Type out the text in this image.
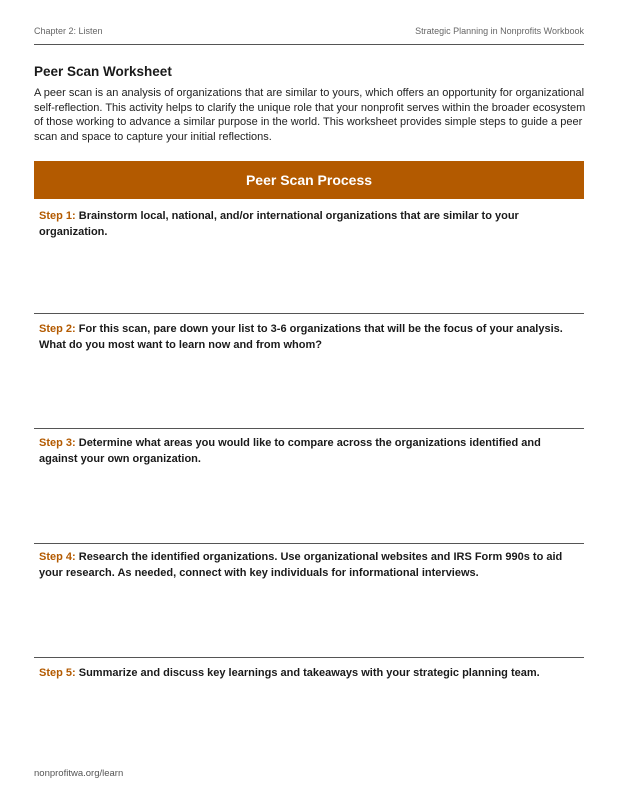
Chapter 2: Listen	Strategic Planning in Nonprofits Workbook
Peer Scan Worksheet
A peer scan is an analysis of organizations that are similar to yours, which offers an opportunity for organizational self-reflection. This activity helps to clarify the unique role that your nonprofit serves within the broader ecosystem of those working to advance a similar purpose in the world. This worksheet provides simple steps to guide a peer scan and space to capture your initial reflections.
Peer Scan Process
Step 1: Brainstorm local, national, and/or international organizations that are similar to your organization.
Step 2: For this scan, pare down your list to 3-6 organizations that will be the focus of your analysis. What do you most want to learn now and from whom?
Step 3: Determine what areas you would like to compare across the organizations identified and against your own organization.
Step 4: Research the identified organizations. Use organizational websites and IRS Form 990s to aid your research. As needed, connect with key individuals for informational interviews.
Step 5: Summarize and discuss key learnings and takeaways with your strategic planning team.
nonprofitwa.org/learn
